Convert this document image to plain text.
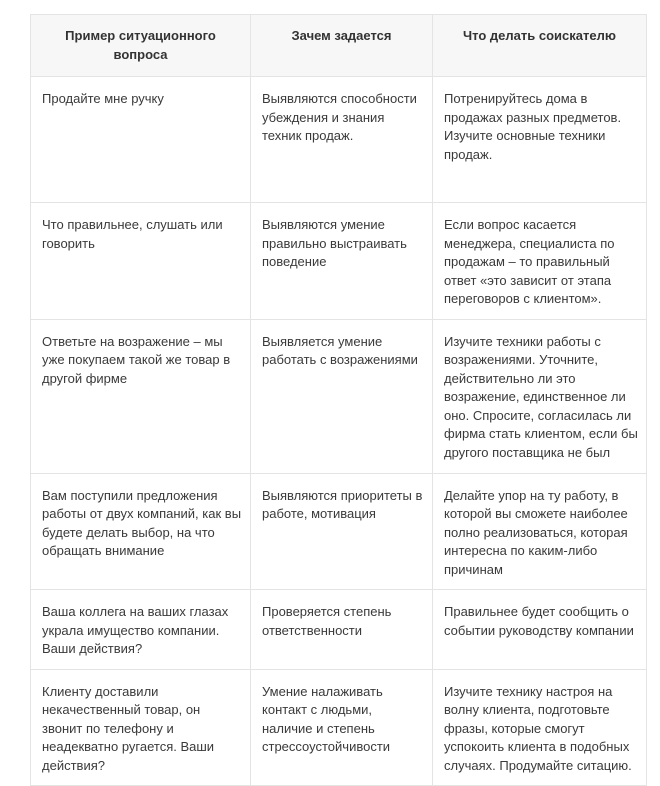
Пример ситуационного вопроса	Зачем задается	Что делать соискателю
Продайте мне ручку	Выявляются способности убеждения и знания техник продаж.	Потренируйтесь дома в продажах разных предметов. Изучите основные техники продаж.
Что правильнее, слушать или говорить	Выявляются умение правильно выстраивать поведение	Если вопрос касается менеджера, специалиста по продажам – то правильный ответ «это зависит от этапа переговоров с клиентом».
Ответьте на возражение – мы уже покупаем такой же товар в другой фирме	Выявляется умение работать с возражениями	Изучите техники работы с возражениями. Уточните, действительно ли это возражение, единственное ли оно. Спросите, согласилась ли фирма стать клиентом, если бы другого поставщика не был
Вам поступили предложения работы от двух компаний, как вы будете делать выбор, на что обращать внимание	Выявляются приоритеты в работе, мотивация	Делайте упор на ту работу, в которой вы сможете наиболее полно реализоваться, которая интересна по каким-либо причинам
Ваша коллега на ваших глазах украла имущество компании. Ваши действия?	Проверяется степень ответственности	Правильнее будет сообщить о событии руководству компании
Клиенту доставили некачественный товар, он звонит по телефону и неадекватно ругается. Ваши действия?	Умение налаживать контакт с людьми, наличие и степень стрессоустойчивости	Изучите технику настроя на волну клиента, подготовьте фразы, которые смогут успокоить клиента в подобных случаях. Продумайте ситацию.
